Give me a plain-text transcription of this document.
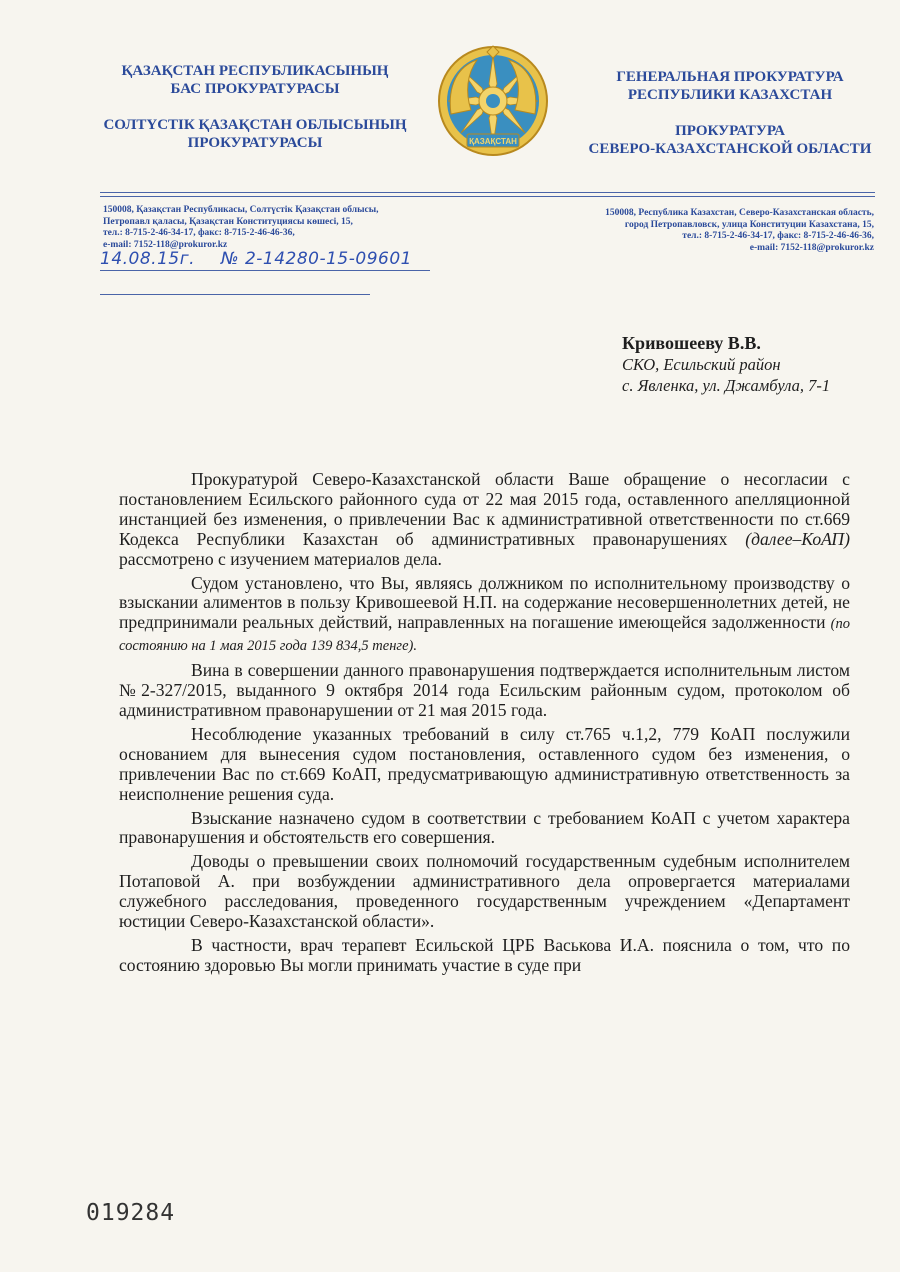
ҚАЗАҚСТАН РЕСПУБЛИКАСЫНЫҢ
БАС ПРОКУРАТУРАСЫ
СОЛТҮСТІК ҚАЗАҚСТАН ОБЛЫСЫНЫҢ
ПРОКУРАТУРАСЫ	ҚАЗАҚСТАН
ГЕНЕРАЛЬНАЯ ПРОКУРАТУРА
РЕСПУБЛИКИ КАЗАХСТАН
ПРОКУРАТУРА
СЕВЕРО-КАЗАХСТАНСКОЙ ОБЛАСТИ
150008, Қазақстан Республикасы, Солтүстік Қазақстан облысы,
Петропавл қаласы, Қазақстан Конституциясы көшесі, 15,
тел.: 8-715-2-46-34-17, факс: 8-715-2-46-46-36,
e-mail: 7152-118@prokuror.kz
150008, Республика Казахстан, Северо-Казахстанская область,
город Петропавловск, улица Конституции Казахстана, 15,
тел.: 8-715-2-46-34-17, факс: 8-715-2-46-46-36,
e-mail: 7152-118@prokuror.kz
14.08.15г. № 2-14280-15-09601
Кривошееву В.В.
СКО, Есильский район
с. Явленка, ул. Джамбула, 7-1

Прокуратурой Северо-Казахстанской области Ваше обращение о несогласии с постановлением Есильского районного суда от 22 мая 2015 года, оставленного апелляционной инстанцией без изменения, о привлечении Вас к административной ответственности по ст.669 Кодекса Республики Казахстан об административных правонарушениях (далее–КоАП) рассмотрено с изучением материалов дела.

Судом установлено, что Вы, являясь должником по исполнительному производству о взыскании алиментов в пользу Кривошеевой Н.П. на содержание несовершеннолетних детей, не предпринимали реальных действий, направленных на погашение имеющейся задолженности (по состоянию на 1 мая 2015 года 139 834,5 тенге).

Вина в совершении данного правонарушения подтверждается исполнительным листом №2-327/2015, выданного 9 октября 2014 года Есильским районным судом, протоколом об административном правонарушении от 21 мая 2015 года.

Несоблюдение указанных требований в силу ст.765 ч.1,2, 779 КоАП послужили основанием для вынесения судом постановления, оставленного судом без изменения, о привлечении Вас по ст.669 КоАП, предусматривающую административную ответственность за неисполнение решения суда.

Взыскание назначено судом в соответствии с требованием КоАП с учетом характера правонарушения и обстоятельств его совершения.

Доводы о превышении своих полномочий государственным судебным исполнителем Потаповой А. при возбуждении административного дела опровергается материалами служебного расследования, проведенного государственным учреждением «Департамент юстиции Северо-Казахстанской области».

В частности, врач терапевт Есильской ЦРБ Васькова И.А. пояснила о том, что по состоянию здоровью Вы могли принимать участие в суде при

019284
